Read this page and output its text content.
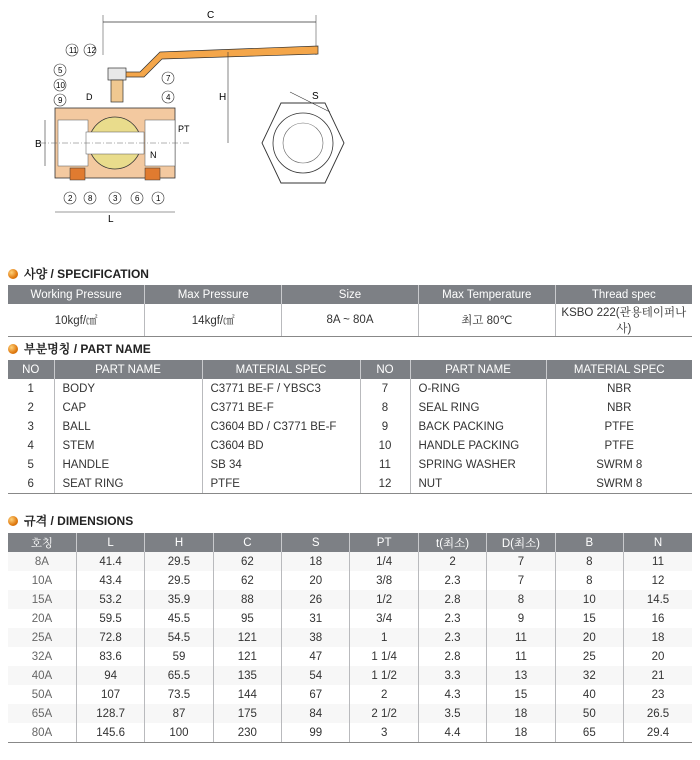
C
H
PT
N
D
B
L
11 12
5
10
9
7
4
2 8	3 6 1
S
사양 / SPECIFICATION
Working Pressure	Max Pressure	Size	Max Temperature	Thread spec
10kgf/㎠	14kgf/㎠	8A ~ 80A	최고 80℃	KSBO 222(관용테이퍼나사)
부분명칭 / PART NAME
NO	PART NAME	MATERIAL SPEC	NO	PART NAME	MATERIAL SPEC
1	BODY	C3771 BE-F / YBSC3	7	O-RING	NBR
2	CAP	C3771 BE-F	8	SEAL RING	NBR
3	BALL	C3604 BD / C3771 BE-F	9	BACK PACKING	PTFE
4	STEM	C3604 BD	10	HANDLE PACKING	PTFE
5	HANDLE	SB 34	11	SPRING WASHER	SWRM 8
6	SEAT RING	PTFE	12	NUT	SWRM 8
규격 / DIMENSIONS
호칭	L	H	C	S	PT	t(최소)	D(최소)	B	N
8A	41.4	29.5	62	18	1/4	2	7	8	11
10A	43.4	29.5	62	20	3/8	2.3	7	8	12
15A	53.2	35.9	88	26	1/2	2.8	8	10	14.5
20A	59.5	45.5	95	31	3/4	2.3	9	15	16
25A	72.8	54.5	121	38	1	2.3	11	20	18
32A	83.6	59	121	47	1 1/4	2.8	11	25	20
40A	94	65.5	135	54	1 1/2	3.3	13	32	21
50A	107	73.5	144	67	2	4.3	15	40	23
65A	128.7	87	175	84	2 1/2	3.5	18	50	26.5
80A	145.6	100	230	99	3	4.4	18	65	29.4
